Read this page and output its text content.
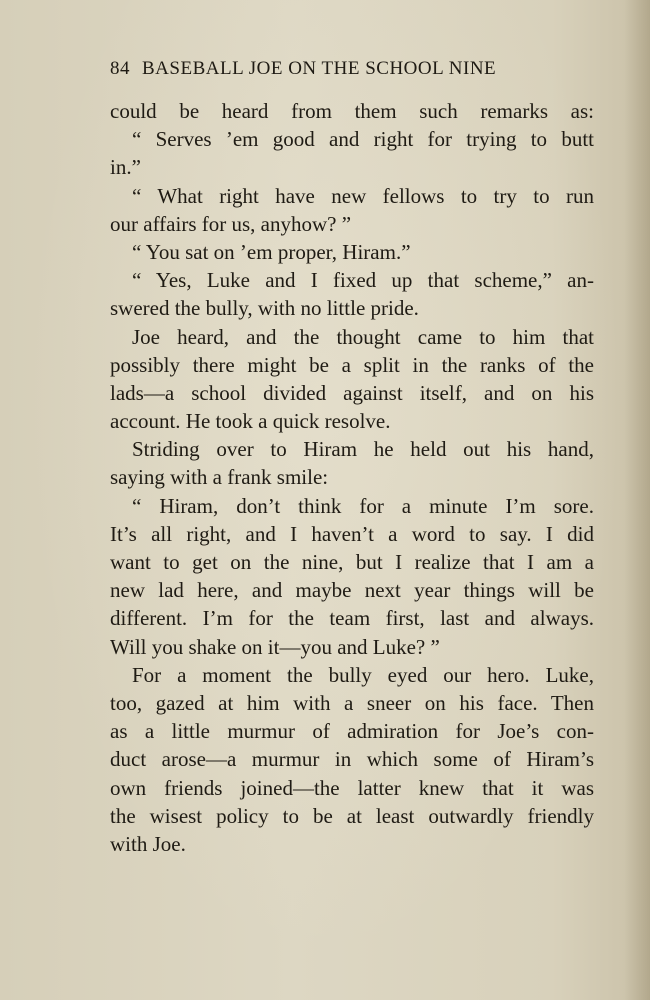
84 BASEBALL JOE ON THE SCHOOL NINE
could be heard from them such remarks as:
“ Serves ’em good and right for trying to butt
in.”
“ What right have new fellows to try to run
our affairs for us, anyhow? ”
“ You sat on ’em proper, Hiram.”
“ Yes, Luke and I fixed up that scheme,” an-
swered the bully, with no little pride.
Joe heard, and the thought came to him that
possibly there might be a split in the ranks of the
lads—a school divided against itself, and on his
account. He took a quick resolve.
Striding over to Hiram he held out his hand,
saying with a frank smile:
“ Hiram, don’t think for a minute I’m sore.
It’s all right, and I haven’t a word to say. I did
want to get on the nine, but I realize that I am a
new lad here, and maybe next year things will be
different. I’m for the team first, last and always.
Will you shake on it—you and Luke? ”
For a moment the bully eyed our hero. Luke,
too, gazed at him with a sneer on his face. Then
as a little murmur of admiration for Joe’s con-
duct arose—a murmur in which some of Hiram’s
own friends joined—the latter knew that it was
the wisest policy to be at least outwardly friendly
with Joe.
